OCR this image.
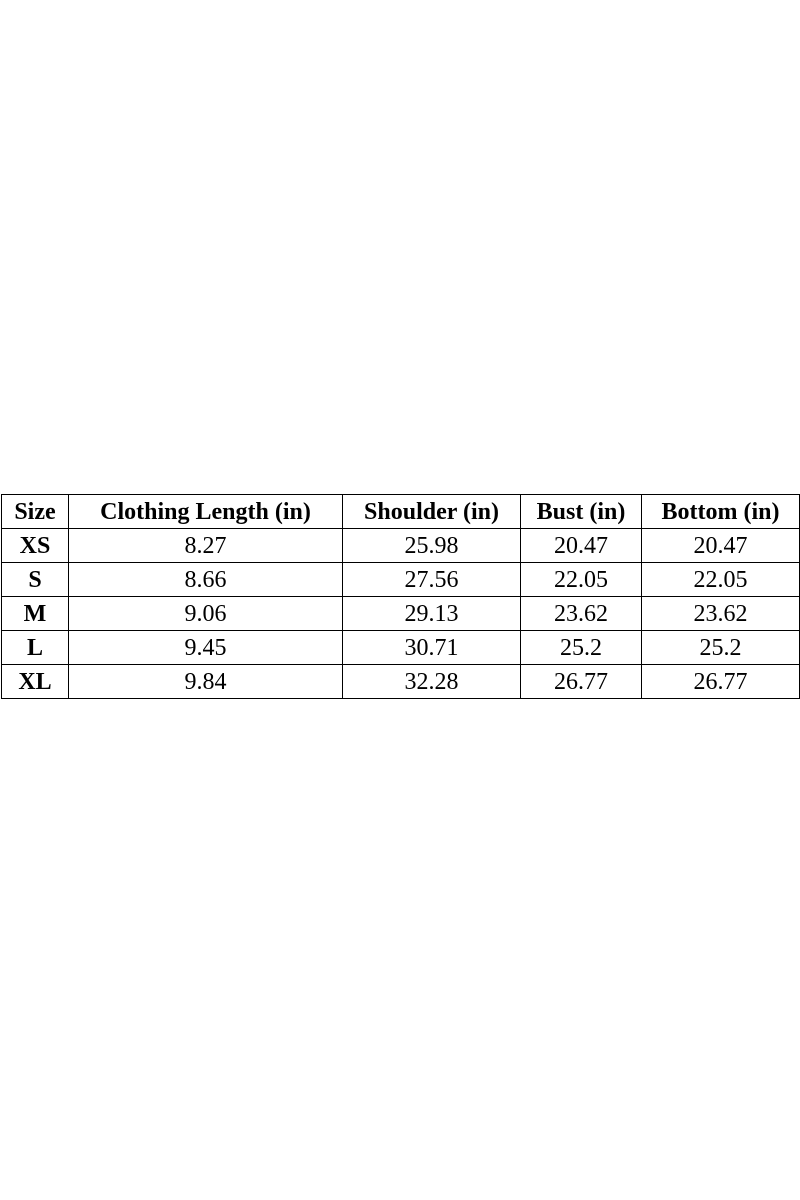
Size	Clothing Length (in)	Shoulder (in)	Bust (in)	Bottom (in)
XS	8.27	25.98	20.47	20.47
S	8.66	27.56	22.05	22.05
M	9.06	29.13	23.62	23.62
L	9.45	30.71	25.2	25.2
XL	9.84	32.28	26.77	26.77
